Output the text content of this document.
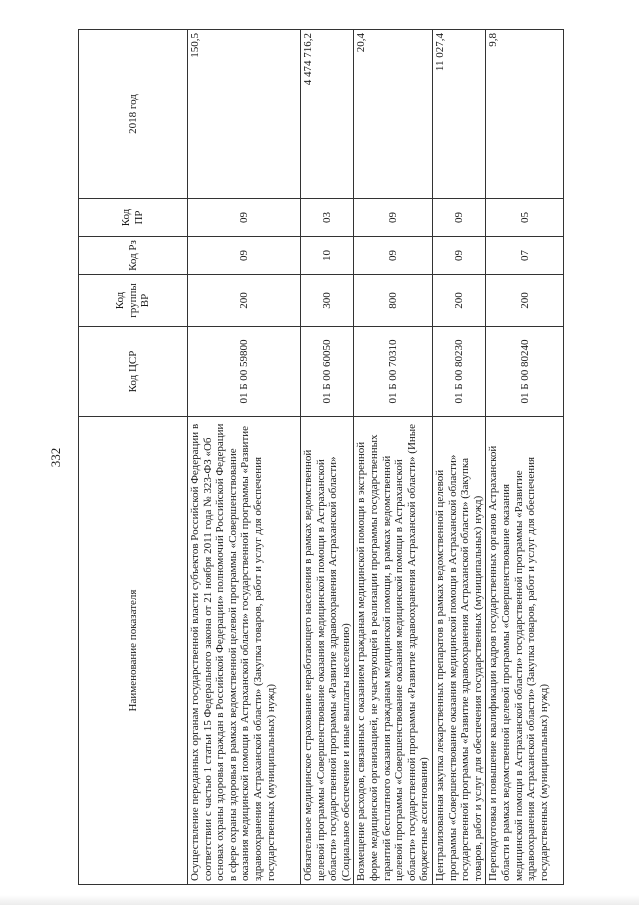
332
Наименование показателя	Код ЦСР	Код группы ВР	Код Рз	Код ПР	2018 год
Осуществление переданных органам государственной власти субъектов Российской Федерации в соответствии с частью 1 статьи 15 Федерального закона от 21 ноября 2011 года № 323-ФЗ «Об основах охраны здоровья граждан в Российской Федерации» полномочий Российской Федерации в сфере охраны здоровья в рамках ведомственной целевой программы «Совершенствование оказания медицинской помощи в Астраханской области» государственной программы «Развитие здравоохранения Астраханской области» (Закупка товаров, работ и услуг для обеспечения государственных (муниципальных) нужд)	01 Б 00 59800	200	09	09	150,5
Обязательное медицинское страхование неработающего населения в рамках ведомственной целевой программы «Совершенствование оказания медицинской помощи в Астраханской области» государственной программы «Развитие здравоохранения Астраханской области» (Социальное обеспечение и иные выплаты населению)	01 Б 00 60050	300	10	03	4 474 716,2
Возмещение расходов, связанных с оказанием гражданам медицинской помощи в экстренной форме медицинской организацией, не участвующей в реализации программы государственных гарантий бесплатного оказания гражданам медицинской помощи, в рамках ведомственной целевой программы «Совершенствование оказания медицинской помощи в Астраханской области» государственной программы «Развитие здравоохранения Астраханской области» (Иные бюджетные ассигнования)	01 Б 00 70310	800	09	09	20,4
Централизованная закупка лекарственных препаратов в рамках ведомственной целевой программы «Совершенствование оказания медицинской помощи в Астраханской области» государственной программы «Развитие здравоохранения Астраханской области» (Закупка товаров, работ и услуг для обеспечения государственных (муниципальных) нужд)	01 Б 00 80230	200	09	09	11 027,4
Переподготовка и повышение квалификации кадров государственных органов Астраханской области в рамках ведомственной целевой программы «Совершенствование оказания медицинской помощи в Астраханской области» государственной программы «Развитие здравоохранения Астраханской области» (Закупка товаров, работ и услуг для обеспечения государственных (муниципальных) нужд)	01 Б 00 80240	200	07	05	9,8
